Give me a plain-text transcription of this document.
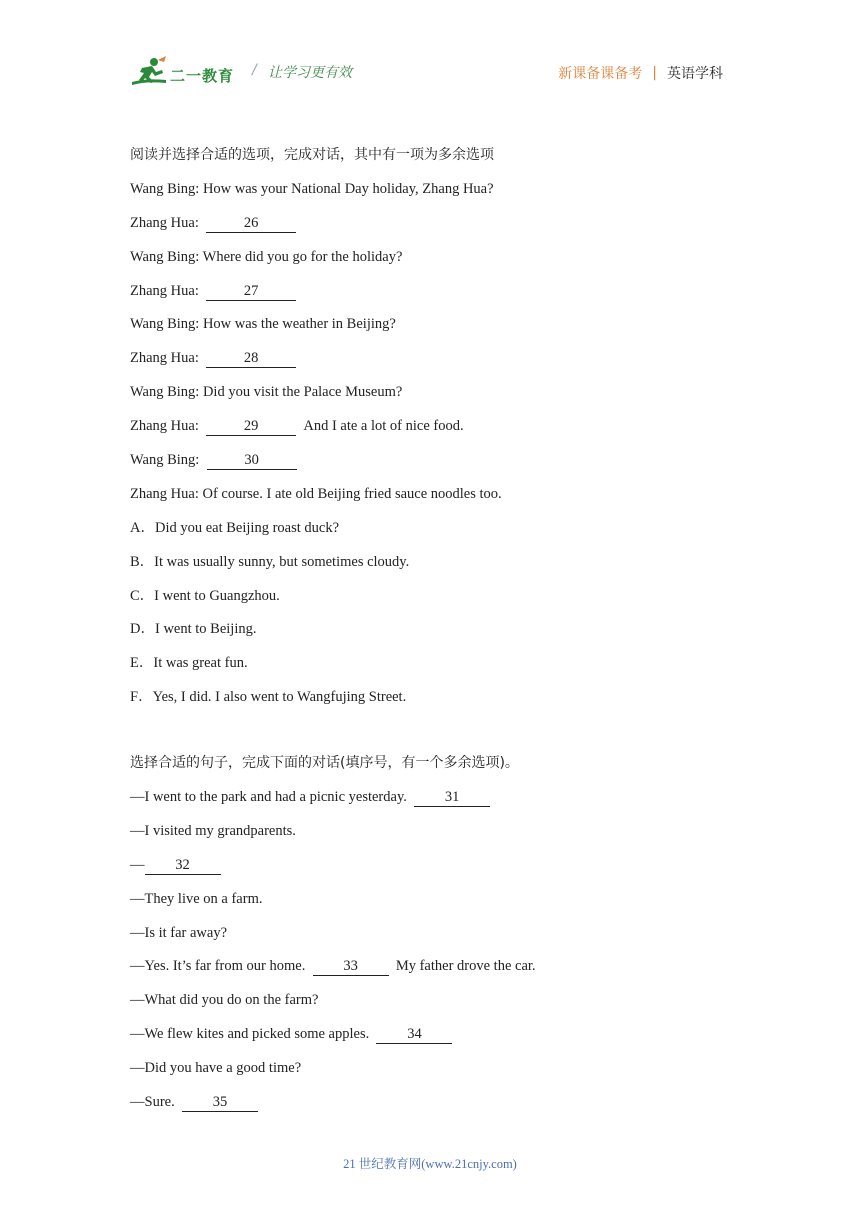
二一教育 / 让学习更有效	新课备课备考 | 英语学科
阅读并选择合适的选项，完成对话，其中有一项为多余选项
Wang Bing: How was your National Day holiday, Zhang Hua?
Zhang Hua:	26
Wang Bing: Where did you go for the holiday?
Zhang Hua:	27
Wang Bing: How was the weather in Beijing?
Zhang Hua:	28
Wang Bing: Did you visit the Palace Museum?
Zhang Hua:	29	And I ate a lot of nice food.
Wang Bing:	30
Zhang Hua: Of course. I ate old Beijing fried sauce noodles too.
A．Did you eat Beijing roast duck?
B．It was usually sunny, but sometimes cloudy.
C．I went to Guangzhou.
D．I went to Beijing.
E．It was great fun.
F．Yes, I did. I also went to Wangfujing Street.
选择合适的句子，完成下面的对话(填序号，有一个多余选项)。
—I went to the park and had a picnic yesterday.	31
—I visited my grandparents.
— 32
—They live on a farm.
—Is it far away?
—Yes. It’s far from our home.	33	My father drove the car.
—What did you do on the farm?
—We flew kites and picked some apples.	34
—Did you have a good time?
—Sure.	35
21 世纪教育网(www.21cnjy.com)
